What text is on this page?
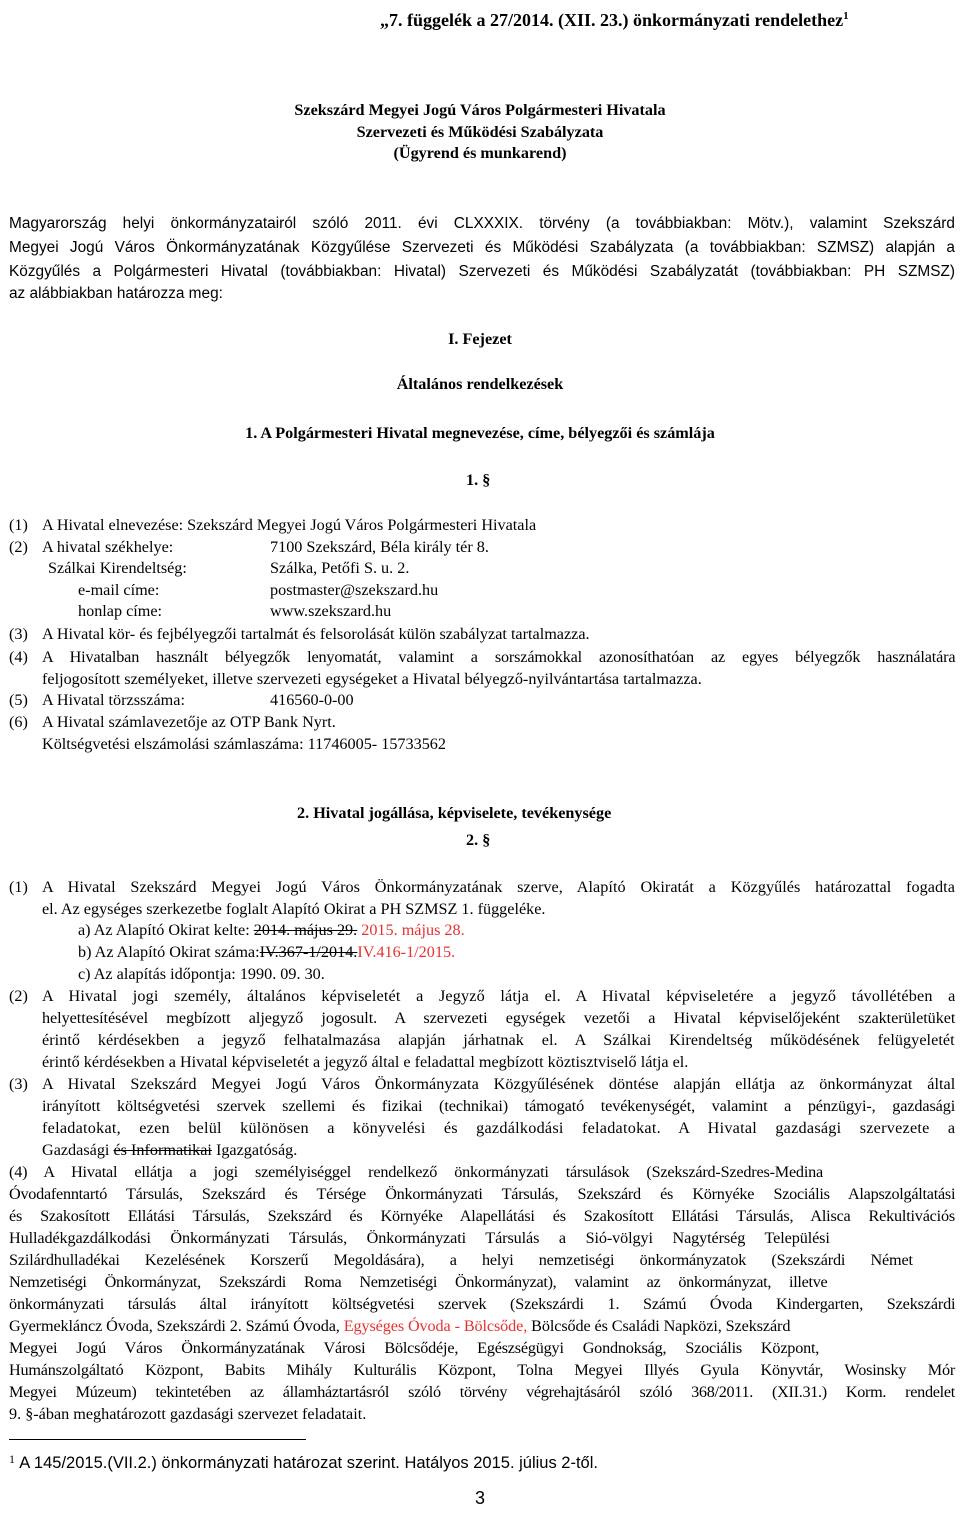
„7. függelék a 27/2014. (XII. 23.) önkormányzati rendelethez$^1$
Szekszárd Megyei Jogú Város Polgármesteri Hivatala
Szervezeti és Működési Szabályzata
(Ügyrend és munkarend)
Magyarország helyi önkormányzatairól szóló 2011. évi CLXXXIX. törvény (a továbbiakban: Mötv.), valamint Szekszárd
Megyei Jogú Város Önkormányzatának Közgyűlése Szervezeti és Működési Szabályzata (a továbbiakban: SZMSZ) alapján a
Közgyűlés a Polgármesteri Hivatal (továbbiakban: Hivatal) Szervezeti és Működési Szabályzatát (továbbiakban: PH SZMSZ)
az alábbiakban határozza meg:
I. Fejezet
Általános rendelkezések
1. A Polgármesteri Hivatal megnevezése, címe, bélyegzői és számlája
1. §
(1) A Hivatal elnevezése: Szekszárd Megyei Jogú Város Polgármesteri Hivatala
(2) A hivatal székhelye:	7100 Szekszárd, Béla király tér 8.
Szálkai Kirendeltség:	Szálka, Petőfi S. u. 2.
e-mail címe:	postmaster@szekszard.hu
honlap címe:	www.szekszard.hu
(3) A Hivatal kör- és fejbélyegzői tartalmát és felsorolását külön szabályzat tartalmazza.
(4) A Hivatalban használt bélyegzők lenyomatát, valamint a sorszámokkal azonosíthatóan az egyes bélyegzők használatára
feljogosított személyeket, illetve szervezeti egységeket a Hivatal bélyegző-nyilvántartása tartalmazza.
(5) A Hivatal törzsszáma:	416560-0-00
(6) A Hivatal számlavezetője az OTP Bank Nyrt.
Költségvetési elszámolási számlaszáma: 11746005- 15733562
2. Hivatal jogállása, képviselete, tevékenysége
2. §
(1) A Hivatal Szekszárd Megyei Jogú Város Önkormányzatának szerve, Alapító Okiratát a Közgyűlés határozattal fogadta
el. Az egységes szerkezetbe foglalt Alapító Okirat a PH SZMSZ 1. függeléke.
a) Az Alapító Okirat kelte: 2014. május 29. 2015. május 28.
b) Az Alapító Okirat száma:IV.367-1/2014.IV.416-1/2015.
c) Az alapítás időpontja: 1990. 09. 30.
(2) A Hivatal jogi személy, általános képviseletét a Jegyző látja el. A Hivatal képviseletére a jegyző távollétében a
helyettesítésével megbízott aljegyző jogosult. A szervezeti egységek vezetői a Hivatal képviselőjeként szakterületüket
érintő kérdésekben a jegyző felhatalmazása alapján járhatnak el. A Szálkai Kirendeltség működésének felügyeletét
érintő kérdésekben a Hivatal képviseletét a jegyző által e feladattal megbízott köztisztviselő látja el.
(3) A Hivatal Szekszárd Megyei Jogú Város Önkormányzata Közgyűlésének döntése alapján ellátja az önkormányzat által
irányított költségvetési szervek szellemi és fizikai (technikai) támogató tevékenységét, valamint a pénzügyi-, gazdasági
feladatokat, ezen belül különösen a könyvelési és gazdálkodási feladatokat. A Hivatal gazdasági szervezete a
Gazdasági és Informatikai Igazgatóság.
(4) A Hivatal ellátja a jogi személyiséggel rendelkező önkormányzati társulások (Szekszárd-Szedres-Medina
Óvodafenntartó Társulás, Szekszárd és Térsége Önkormányzati Társulás, Szekszárd és Környéke Szociális Alapszolgáltatási
és Szakosított Ellátási Társulás, Szekszárd és Környéke Alapellátási és Szakosított Ellátási Társulás, Alisca Rekultivációs
Hulladékgazdálkodási Önkormányzati Társulás, Önkormányzati Társulás a Sió-völgyi Nagytérség Települési
Szilárdhulladékai Kezelésének Korszerű Megoldására), a helyi nemzetiségi önkormányzatok (Szekszárdi Német
Nemzetiségi Önkormányzat, Szekszárdi Roma Nemzetiségi Önkormányzat), valamint az önkormányzat, illetve
önkormányzati társulás által irányított költségvetési szervek (Szekszárdi 1. Számú Óvoda Kindergarten, Szekszárdi
Gyermekláncz Óvoda, Szekszárdi 2. Számú Óvoda, Egységes Óvoda - Bölcsőde, Bölcsőde és Családi Napközi, Szekszárd
Megyei Jogú Város Önkormányzatának Városi Bölcsődéje, Egészségügyi Gondnokság, Szociális Központ,
Humánszolgáltató Központ, Babits Mihály Kulturális Központ, Tolna Megyei Illyés Gyula Könyvtár, Wosinsky Mór
Megyei Múzeum) tekintetében az államháztartásról szóló törvény végrehajtásáról szóló 368/2011. (XII.31.) Korm. rendelet
9. §-ában meghatározott gazdasági szervezet feladatait.
$^1$ A 145/2015.(VII.2.) önkormányzati határozat szerint. Hatályos 2015. július 2-től.
3
